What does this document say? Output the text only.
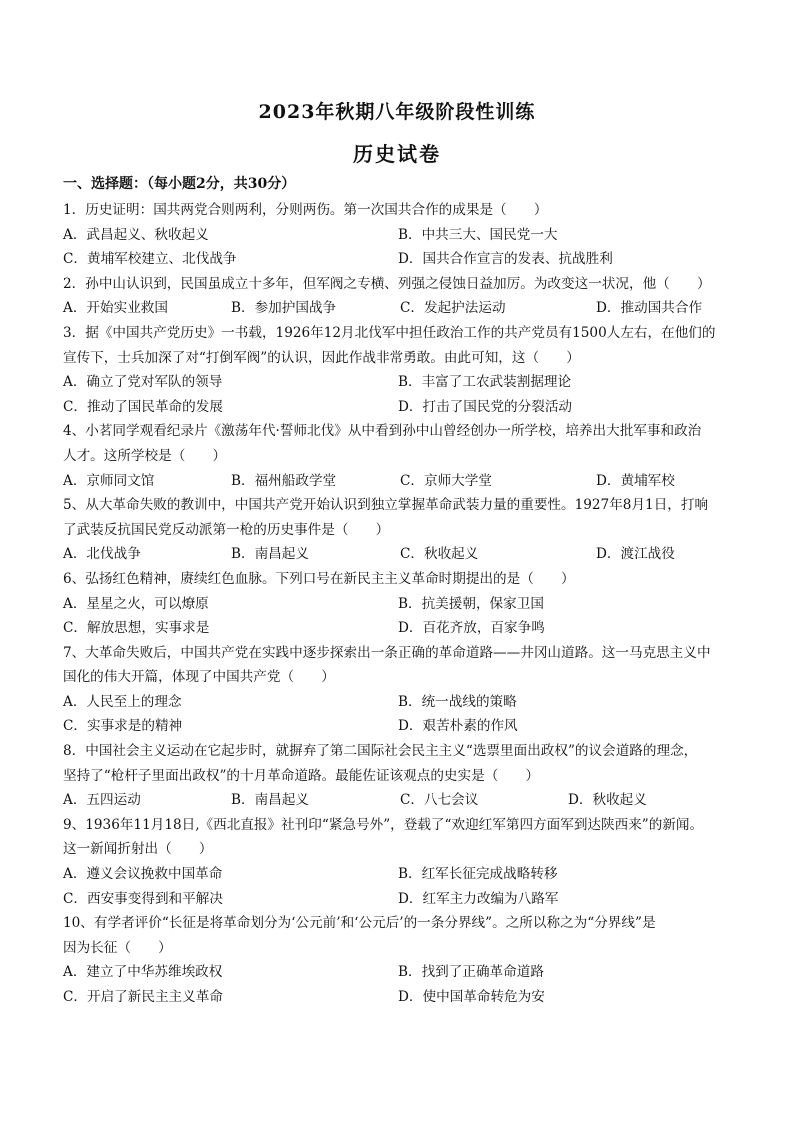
2023年秋期八年级阶段性训练
历史试卷
一、选择题：（每小题2分，共30分）

1．历史证明：国共两党合则两利，分则两伤。第一次国共合作的成果是（　　）

A．武昌起义、秋收起义	B．中共三大、国民党一大
C．黄埔军校建立、北伐战争	D．国共合作宣言的发表、抗战胜利

2．孙中山认识到，民国虽成立十多年，但军阀之专横、列强之侵蚀日益加厉。为改变这一状况，他（　　）

A．开始实业救国	B．参加护国战争	C．发起护法运动	D．推动国共合作

3．据《中国共产党历史》一书载，1926年12月北伐军中担任政治工作的共产党员有1500人左右，在他们的

宣传下，士兵加深了对“打倒军阀”的认识，因此作战非常勇敢。由此可知，这（　　）

A．确立了党对军队的领导	B．丰富了工农武装割据理论
C．推动了国民革命的发展	D．打击了国民党的分裂活动

4、小茗同学观看纪录片《激荡年代·誓师北伐》从中看到孙中山曾经创办一所学校，培养出大批军事和政治

人才。这所学校是（　　）

A．京师同文馆	B．福州船政学堂	C．京师大学堂	D．黄埔军校

5、从大革命失败的教训中，中国共产党开始认识到独立掌握革命武装力量的重要性。1927年8月1日，打响

了武装反抗国民党反动派第一枪的历史事件是（　　）

A．北伐战争	B．南昌起义	C．秋收起义	D．渡江战役

6、弘扬红色精神，赓续红色血脉。下列口号在新民主主义革命时期提出的是（　　）

A．星星之火，可以燎原	B．抗美援朝，保家卫国
C．解放思想，实事求是	D．百花齐放，百家争鸣

7、大革命失败后，中国共产党在实践中逐步探索出一条正确的革命道路——井冈山道路。这一马克思主义中

国化的伟大开篇，体现了中国共产党（　　）

A．人民至上的理念	B．统一战线的策略
C．实事求是的精神	D．艰苦朴素的作风

8．中国社会主义运动在它起步时，就摒弃了第二国际社会民主主义“选票里面出政权”的议会道路的理念，

坚持了“枪杆子里面出政权”的十月革命道路。最能佐证该观点的史实是（　　）

A．五四运动	B．南昌起义	C．八七会议	D．秋收起义

9、1936年11月18日,《西北直报》社刊印“紧急号外”，登载了“欢迎红军第四方面军到达陕西来”的新闻。

这一新闻折射出（　　）

A．遵义会议挽救中国革命	B．红军长征完成战略转移
C．西安事变得到和平解决	D．红军主力改编为八路军

10、有学者评价“长征是将革命划分为‘公元前’和‘公元后’的一条分界线”。之所以称之为“分界线”是

因为长征（　　）

A．建立了中华苏维埃政权	B．找到了正确革命道路
C．开启了新民主主义革命	D．使中国革命转危为安
